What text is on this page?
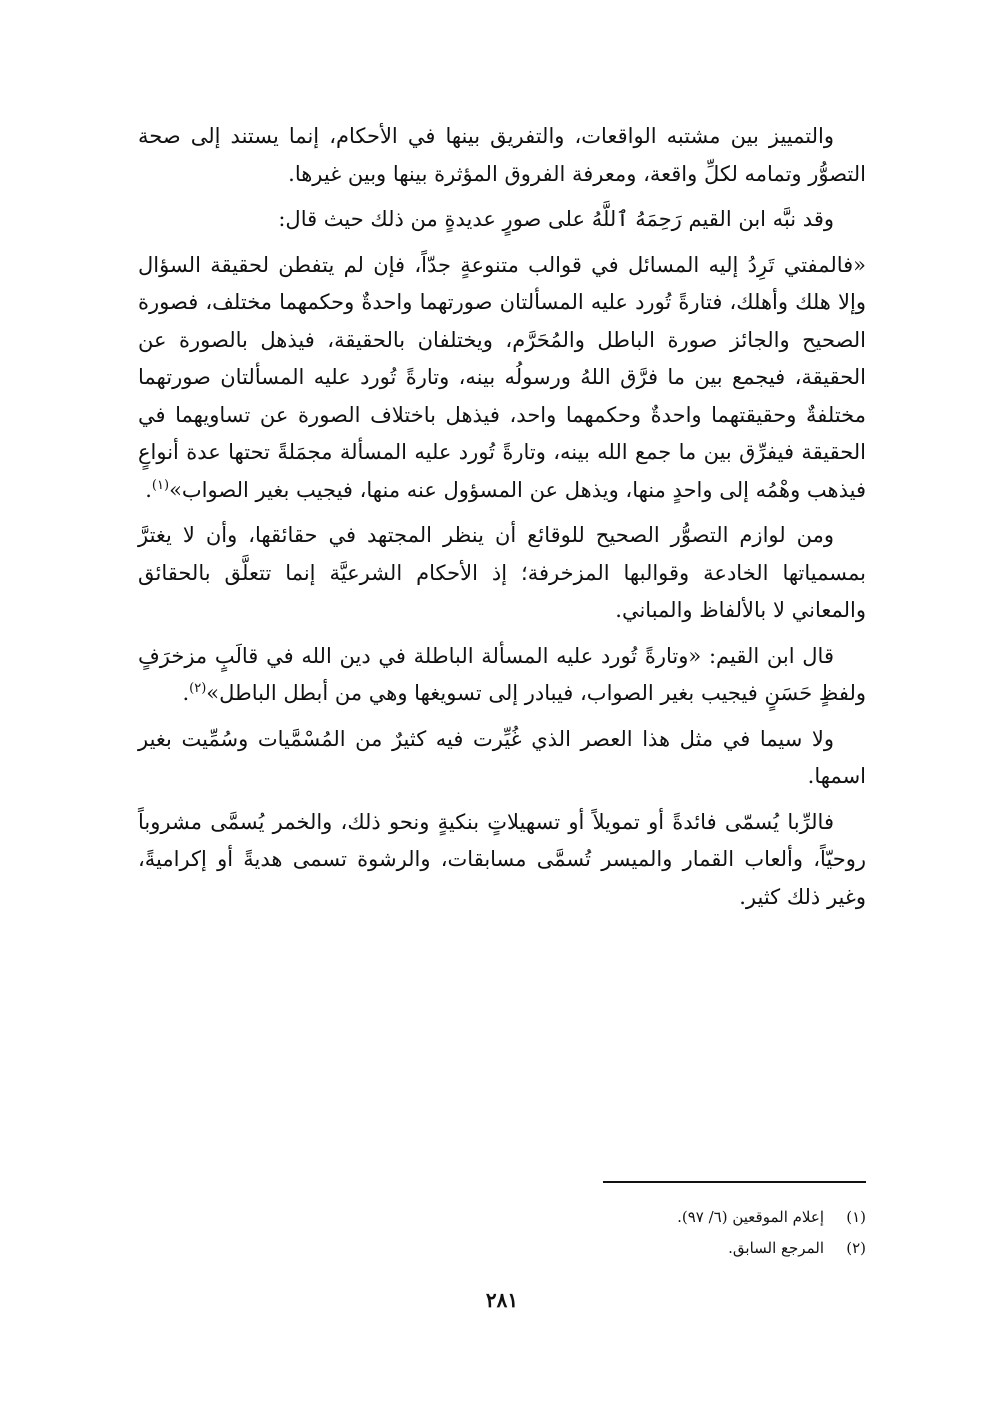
والتمييز بين مشتبه الواقعات، والتفريق بينها في الأحكام، إنما يستند إلى صحة التصوُّر وتمامه لكلِّ واقعة، ومعرفة الفروق المؤثرة بينها وبين غيرها.

وقد نبَّه ابن القيم رَحِمَهُ ٱللَّهُ على صورٍ عديدةٍ من ذلك حيث قال:

«فالمفتي تَرِدُ إليه المسائل في قوالب متنوعةٍ جدّاً، فإن لم يتفطن لحقيقة السؤال وإلا هلك وأهلك، فتارةً تُورد عليه المسألتان صورتهما واحدةٌ وحكمهما مختلف، فصورة الصحيح والجائز صورة الباطل والمُحَرَّم، ويختلفان بالحقيقة، فيذهل بالصورة عن الحقيقة، فيجمع بين ما فرَّق اللهُ ورسولُه بينه، وتارةً تُورد عليه المسألتان صورتهما مختلفةٌ وحقيقتهما واحدةٌ وحكمهما واحد، فيذهل باختلاف الصورة عن تساويهما في الحقيقة فيفرِّق بين ما جمع الله بينه، وتارةً تُورد عليه المسألة مجمَلةً تحتها عدة أنواعٍ فيذهب وهْمُه إلى واحدٍ منها، ويذهل عن المسؤول عنه منها، فيجيب بغير الصواب»$^{(١)}$.

ومن لوازم التصوُّر الصحيح للوقائع أن ينظر المجتهد في حقائقها، وأن لا يغترَّ بمسمياتها الخادعة وقوالبها المزخرفة؛ إذ الأحكام الشرعيَّة إنما تتعلَّق بالحقائق والمعاني لا بالألفاظ والمباني.

قال ابن القيم: «وتارةً تُورد عليه المسألة الباطلة في دين الله في قالَبٍ مزخرَفٍ ولفظٍ حَسَنٍ فيجيب بغير الصواب، فيبادر إلى تسويغها وهي من أبطل الباطل»$^{(٢)}$.

ولا سيما في مثل هذا العصر الذي غُيِّرت فيه كثيرٌ من المُسْمَّيات وسُمِّيت بغير اسمها.

فالرِّبا يُسمّى فائدةً أو تمويلاً أو تسهيلاتٍ بنكيةٍ ونحو ذلك، والخمر يُسمَّى مشروباً روحيّاً، وألعاب القمار والميسر تُسمَّى مسابقات، والرشوة تسمى هديةً أو إكراميةً، وغير ذلك كثير.

(١)
إعلام الموقعين (٦/ ٩٧).
(٢)
المرجع السابق.
٢٨١
